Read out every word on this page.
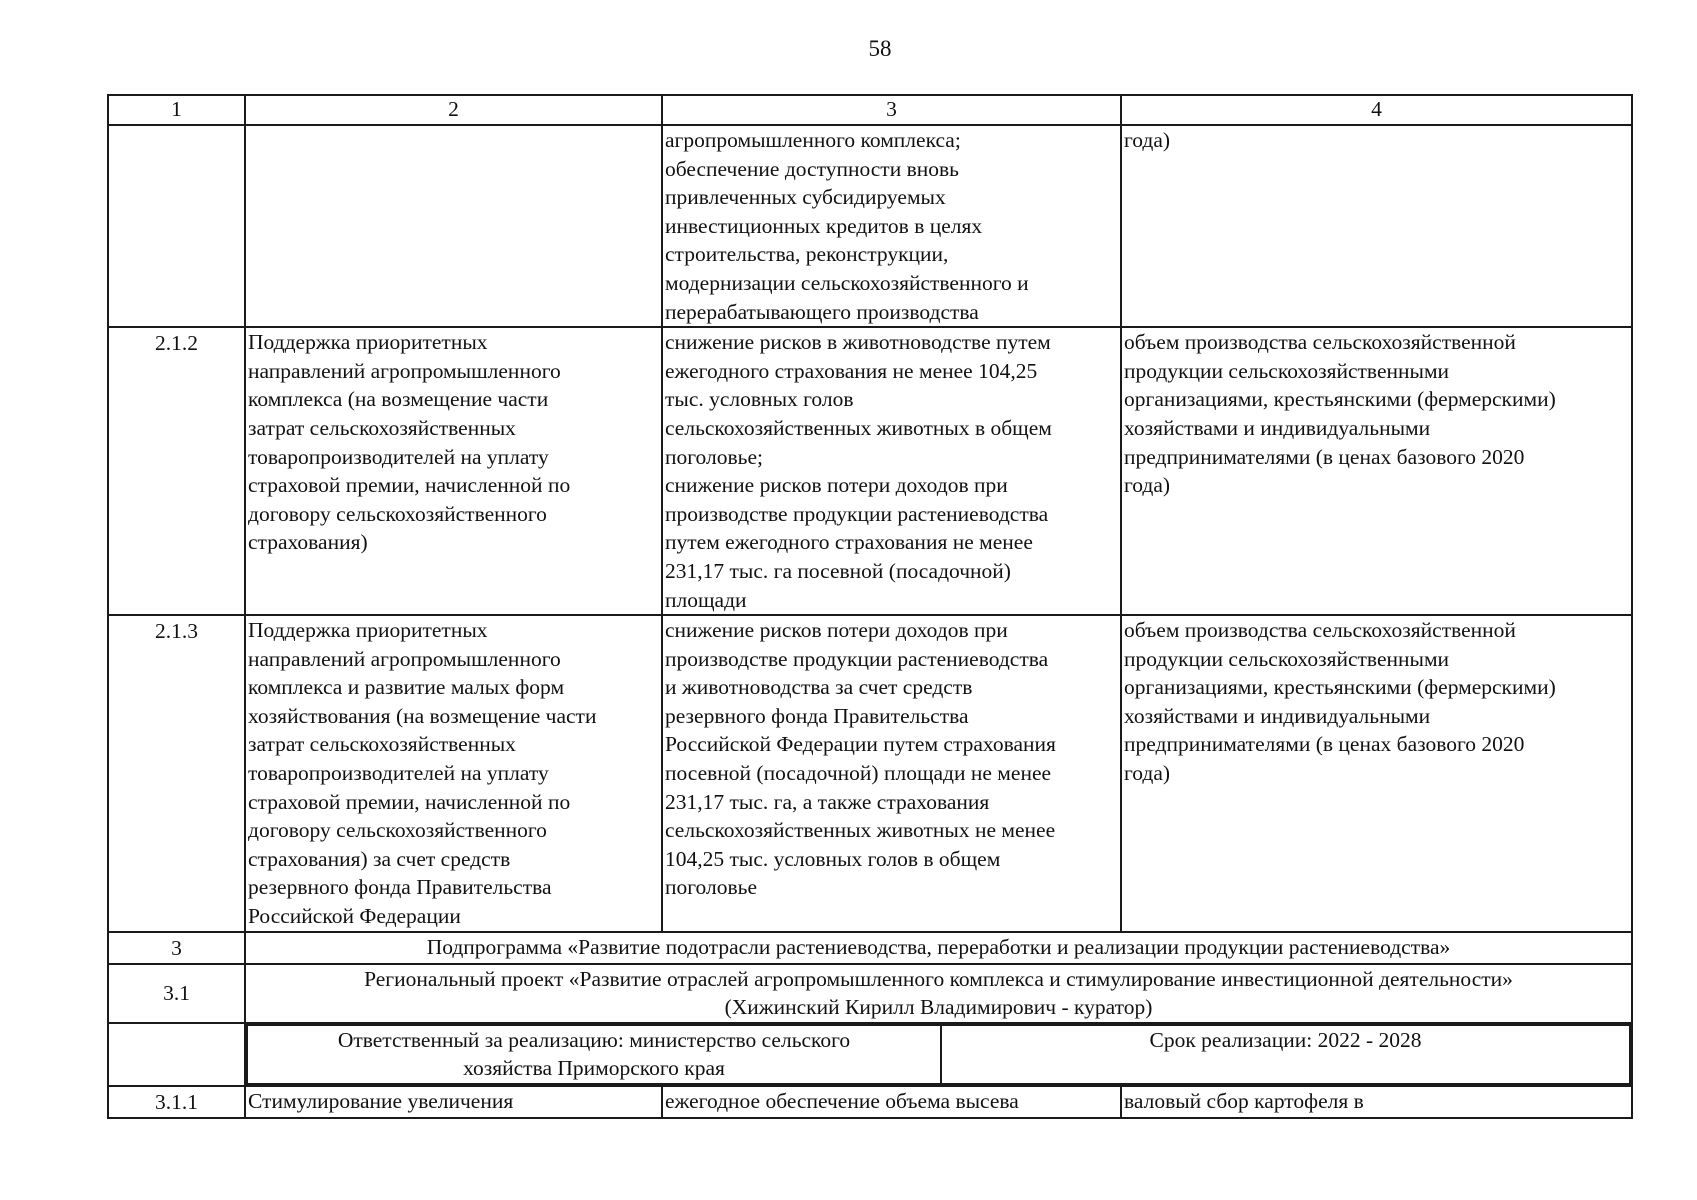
58
1	2	3	4
		агропромышленного комплекса;
обеспечение доступности вновь
привлеченных субсидируемых
инвестиционных кредитов в целях
строительства, реконструкции,
модернизации сельскохозяйственного и
перерабатывающего производства	года)
2.1.2	Поддержка приоритетных
направлений агропромышленного
комплекса (на возмещение части
затрат сельскохозяйственных
товаропроизводителей на уплату
страховой премии, начисленной по
договору сельскохозяйственного
страхования)	снижение рисков в животноводстве путем
ежегодного страхования не менее 104,25
тыс. условных голов
сельскохозяйственных животных в общем
поголовье;
снижение рисков потери доходов при
производстве продукции растениеводства
путем ежегодного страхования не менее
231,17 тыс. га посевной (посадочной)
площади	объем производства сельскохозяйственной
продукции сельскохозяйственными
организациями, крестьянскими (фермерскими)
хозяйствами и индивидуальными
предпринимателями (в ценах базового 2020
года)
2.1.3	Поддержка приоритетных
направлений агропромышленного
комплекса и развитие малых форм
хозяйствования (на возмещение части
затрат сельскохозяйственных
товаропроизводителей на уплату
страховой премии, начисленной по
договору сельскохозяйственного
страхования) за счет средств
резервного фонда Правительства
Российской Федерации	снижение рисков потери доходов при
производстве продукции растениеводства
и животноводства за счет средств
резервного фонда Правительства
Российской Федерации путем страхования
посевной (посадочной) площади не менее
231,17 тыс. га, а также страхования
сельскохозяйственных животных не менее
104,25 тыс. условных голов в общем
поголовье	объем производства сельскохозяйственной
продукции сельскохозяйственными
организациями, крестьянскими (фермерскими)
хозяйствами и индивидуальными
предпринимателями (в ценах базового 2020
года)
3	Подпрограмма «Развитие подотрасли растениеводства, переработки и реализации продукции растениеводства»
3.1	Региональный проект «Развитие отраслей агропромышленного комплекса и стимулирование инвестиционной деятельности»
(Хижинский Кирилл Владимирович - куратор)

Ответственный за реализацию: министерство сельского
хозяйства Приморского края	Срок реализации: 2022 - 2028

3.1.1	Стимулирование увеличения	ежегодное обеспечение объема высева	валовый сбор картофеля в
